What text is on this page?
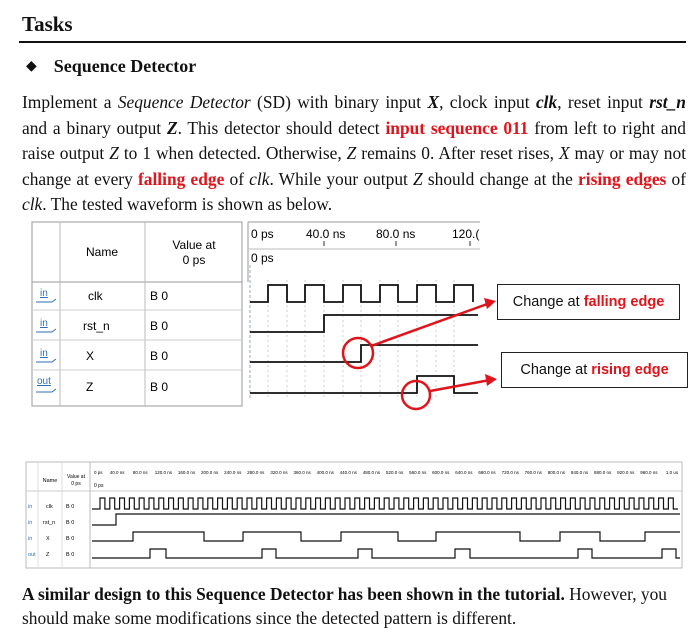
Tasks
◆ Sequence Detector
Implement a Sequence Detector (SD) with binary input X, clock input clk, reset input rst_n and a binary output Z. This detector should detect input sequence 011 from left to right and raise output Z to 1 when detected. Otherwise, Z remains 0. After reset rises, X may or may not change at every falling edge of clk. While your output Z should change at the rising edges of clk. The tested waveform is shown as below.
Name	Value at
0 ps
in	clk	B 0
in	rst_n	B 0
in	X	B 0
out	Z	B 0
0 ps	40.0 ns	80.0 ns	120.(
0 ps
Change at
falling edge
Change at
rising edge
Name
Value at
0 ps	0 ps
in clk B 0
in rst_n B 0
in X	B 0
out Z	B 0
0 ps 40.0 ns 80.0 ns 120.0 ns 160.0 ns 200.0 ns 240.0 ns 280.0 ns 320.0 ns 360.0 ns 400.0 ns 440.0 ns 480.0 ns 520.0 ns 560.0 ns 600.0 ns 640.0 ns 680.0 ns 720.0 ns 760.0 ns 800.0 ns 840.0 ns 880.0 ns 920.0 ns 960.0 ns 1.0 us
A similar design to this Sequence Detector has been shown in the tutorial. However, you should make some modifications since the detected pattern is different.
